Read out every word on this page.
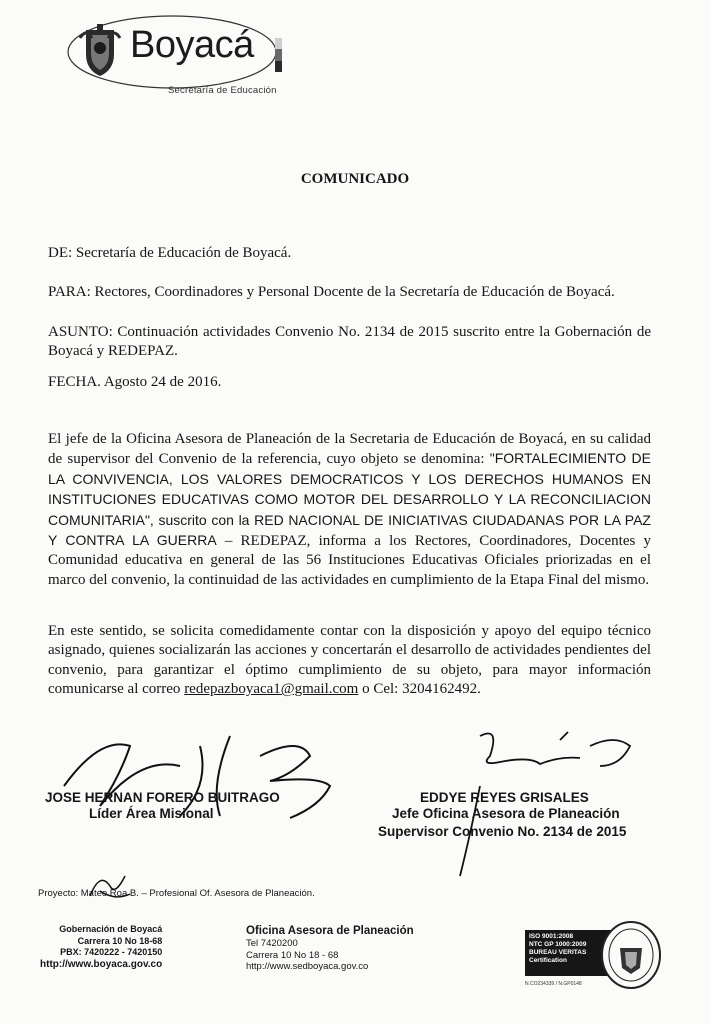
Boyacá
Secretaría de Educación
COMUNICADO
DE: Secretaría de Educación de Boyacá.
PARA: Rectores, Coordinadores y Personal Docente de la Secretaría de Educación de Boyacá.
ASUNTO: Continuación actividades Convenio No. 2134 de 2015 suscrito entre la Gobernación de Boyacá y REDEPAZ.
FECHA. Agosto 24 de 2016.
El jefe de la Oficina Asesora de Planeación de la Secretaria de Educación de Boyacá, en su calidad de supervisor del Convenio de la referencia, cuyo objeto se denomina: "FORTALECIMIENTO DE LA CONVIVENCIA, LOS VALORES DEMOCRATICOS Y LOS DERECHOS HUMANOS EN INSTITUCIONES EDUCATIVAS COMO MOTOR DEL DESARROLLO Y LA RECONCILIACION COMUNITARIA", suscrito con la RED NACIONAL DE INICIATIVAS CIUDADANAS POR LA PAZ Y CONTRA LA GUERRA – REDEPAZ, informa a los Rectores, Coordinadores, Docentes y Comunidad educativa en general de las 56 Instituciones Educativas Oficiales priorizadas en el marco del convenio, la continuidad de las actividades en cumplimiento de la Etapa Final del mismo.
En este sentido, se solicita comedidamente contar con la disposición y apoyo del equipo técnico asignado, quienes socializarán las acciones y concertarán el desarrollo de actividades pendientes del convenio, para garantizar el óptimo cumplimiento de su objeto, para mayor información comunicarse al correo redepazboyaca1@gmail.com o Cel: 3204162492.
JOSE HERNAN FORERO BUITRAGO
Líder Área Misional
EDDYE REYES GRISALES
Jefe Oficina Asesora de Planeación
Supervisor Convenio No. 2134 de 2015
Proyecto: Mateo Roa B. – Profesional Of. Asesora de Planeación.
Gobernación de Boyacá
Carrera 10 No 18-68
PBX: 7420222 - 7420150
http://www.boyaca.gov.co
Oficina Asesora de Planeación
Tel 7420200
Carrera 10 No 18 - 68
http://www.sedboyaca.gov.co
ISO 9001:2008
NTC GP 1000:2009
BUREAU VERITAS
Certification
N.CO234339 / N.GP0148
